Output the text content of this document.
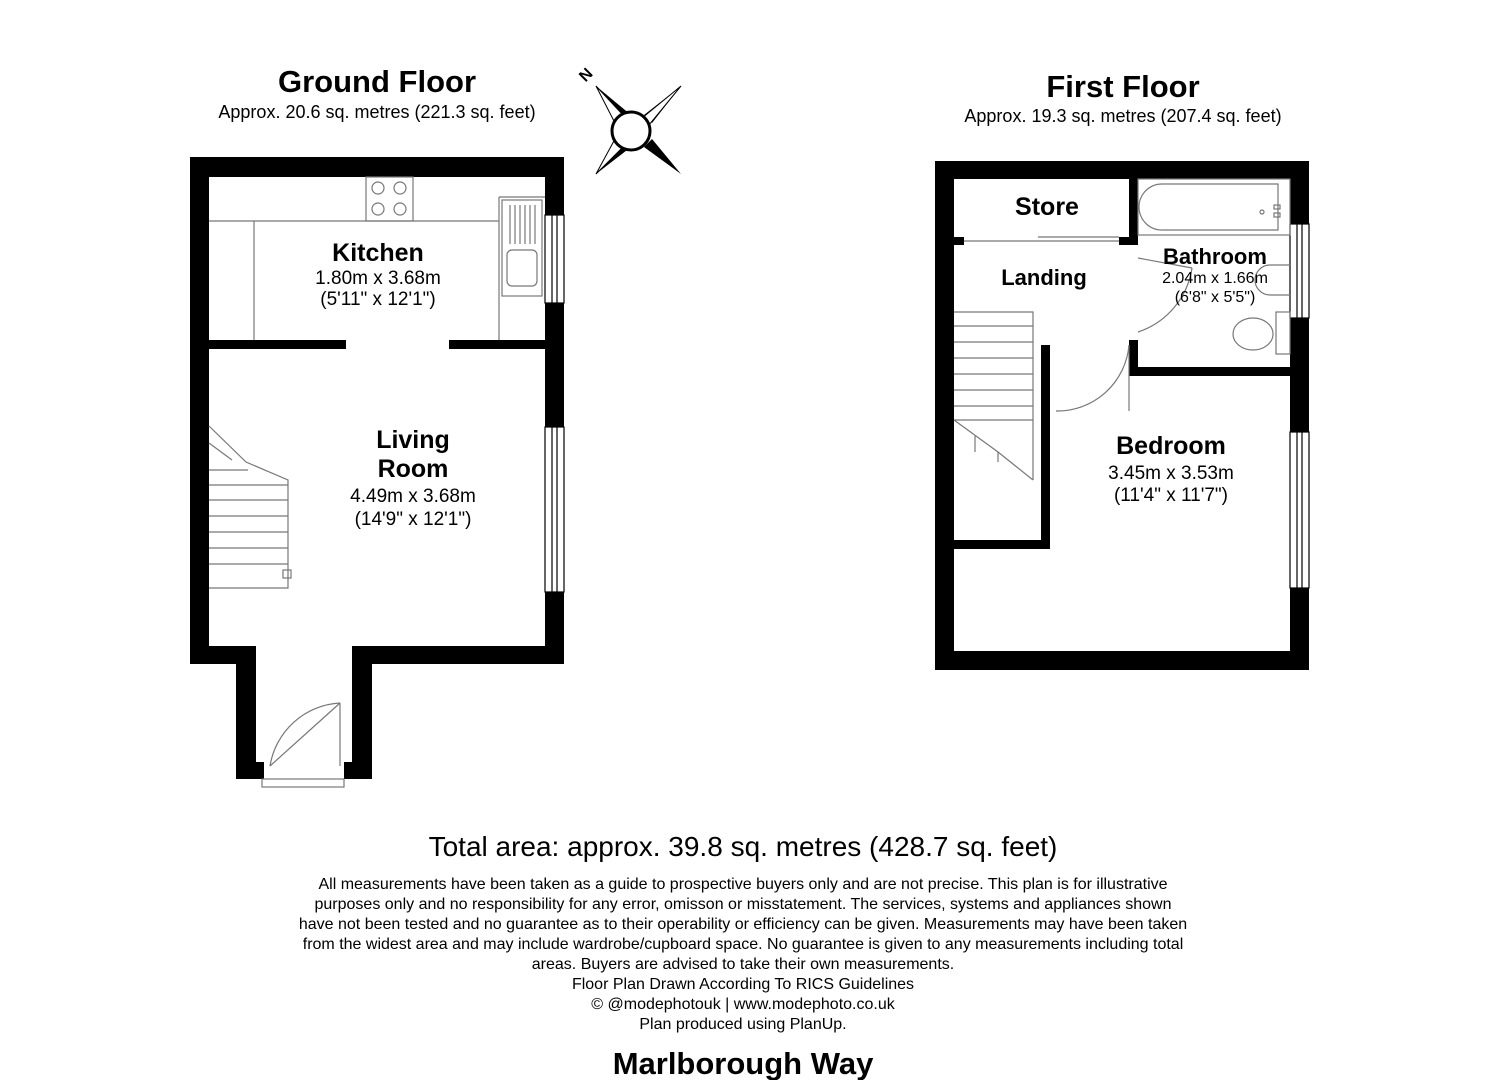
Ground Floor
Approx. 20.6 sq. metres (221.3 sq. feet)
Kitchen
1.80m x 3.68m
(5'11" x 12'1")
Living
Room
4.49m x 3.68m
(14'9" x 12'1")
N	First Floor
Approx. 19.3 sq. metres (207.4 sq. feet)
Store
Landing
Bathroom
2.04m x 1.66m
(6'8" x 5'5")
Bedroom
3.45m x 3.53m
(11'4" x 11'7")
Total area: approx. 39.8 sq. metres (428.7 sq. feet)
All measurements have been taken as a guide to prospective buyers only and are not precise. This plan is for illustrative
purposes only and no responsibility for any error, omisson or misstatement. The services, systems and appliances shown
have not been tested and no guarantee as to their operability or efficiency can be given. Measurements may have been taken
from the widest area and may include wardrobe/cupboard space. No guarantee is given to any measurements including total
areas. Buyers are advised to take their own measurements.
Floor Plan Drawn According To RICS Guidelines
© @modephotouk | www.modephoto.co.uk
Plan produced using PlanUp.
Marlborough Way
